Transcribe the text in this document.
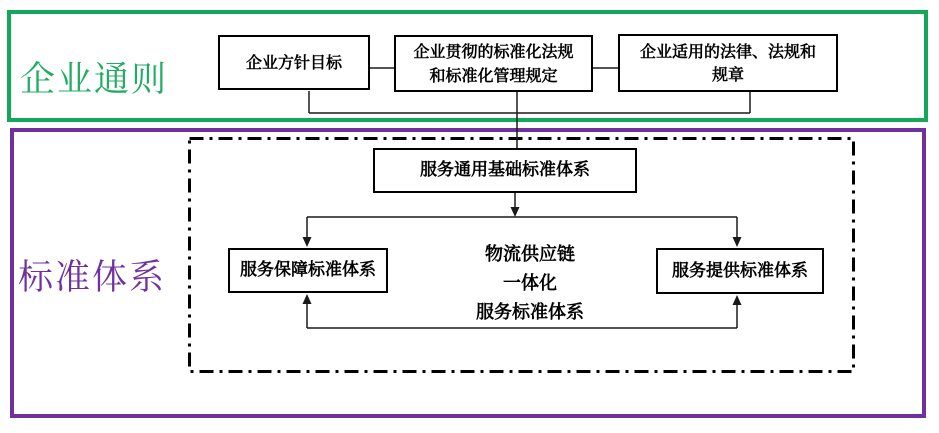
企业通则
标准体系
企业方针目标
企业贯彻的标准化法规
和标准化管理规定
企业适用的法律、法规和
规章
服务通用基础标准体系
服务保障标准体系	服务提供标准体系
物流供应链
一体化
服务标准体系
